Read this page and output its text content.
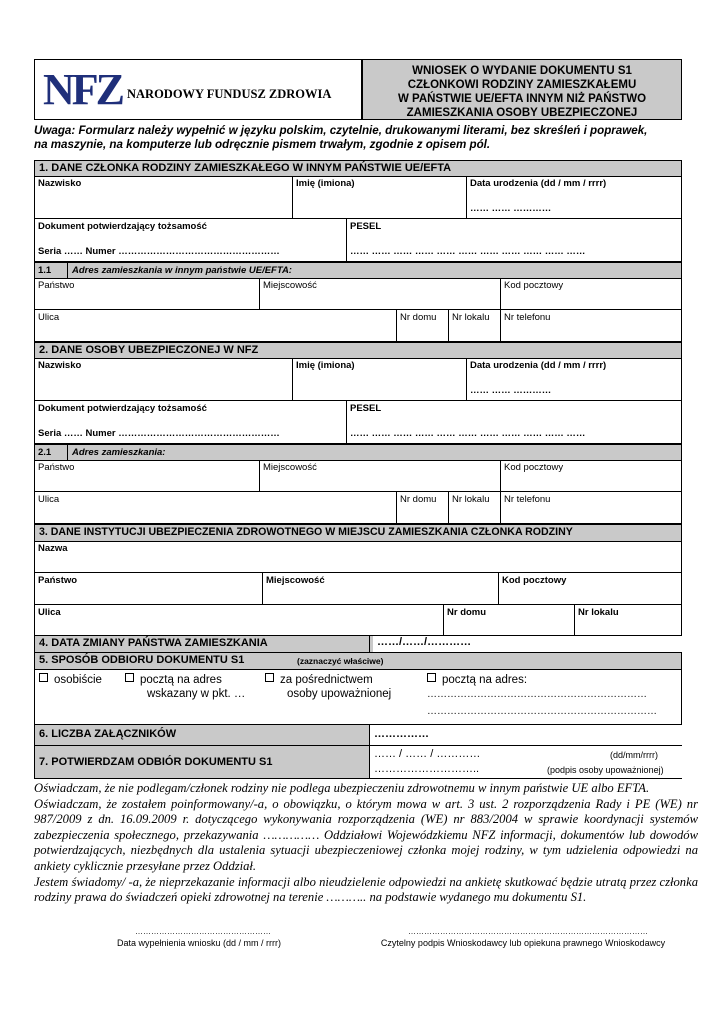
NFZ NARODOWY FUNDUSZ ZDROWIA
WNIOSEK O WYDANIE DOKUMENTU S1
CZŁONKOWI RODZINY ZAMIESZKAŁEMU
W PAŃSTWIE UE/EFTA INNYM NIŻ PAŃSTWO
ZAMIESZKANIA OSOBY UBEZPIECZONEJ
Uwaga: Formularz należy wypełnić w języku polskim, czytelnie, drukowanymi literami, bez skreśleń i poprawek,
na maszynie, na komputerze lub odręcznie pismem trwałym, zgodnie z opisem pól.
1. DANE CZŁONKA RODZINY ZAMIESZKAŁEGO W INNYM PAŃSTWIE UE/EFTA
Nazwisko	Imię (imiona)	Data urodzenia (dd / mm / rrrr)
…… …… …………
Dokument potwierdzający tożsamość
Seria …… Numer ……………………………………………
PESEL
…… …… …… …… …… …… …… …… …… …… ……
1.1 Adres zamieszkania w innym państwie UE/EFTA:
Państwo	Miejscowość	Kod pocztowy
Ulica	Nr domu	Nr lokalu	Nr telefonu
2. DANE OSOBY UBEZPIECZONEJ W NFZ
Nazwisko	Imię (imiona)	Data urodzenia (dd / mm / rrrr)
…… …… …………
Dokument potwierdzający tożsamość
Seria …… Numer ……………………………………………
PESEL
…… …… …… …… …… …… …… …… …… …… ……
2.1 Adres zamieszkania:
Państwo	Miejscowość	Kod pocztowy
Ulica	Nr domu	Nr lokalu	Nr telefonu
3. DANE INSTYTUCJI UBEZPIECZENIA ZDROWOTNEGO W MIEJSCU ZAMIESZKANIA CZŁONKA RODZINY
Nazwa
Państwo	Miejscowość	Kod pocztowy
Ulica	Nr domu	Nr lokalu
4. DATA ZMIANY PAŃSTWA ZAMIESZKANIA	……/……/…………
5. SPOSÓB ODBIORU DOKUMENTU S1	(zaznaczyć właściwe)
osobiście	pocztą na adres
wskazany w pkt. …
za pośrednictwem
osoby upoważnionej
pocztą na adres:
…………………………………………………………
……………………………………………………………
6. LICZBA ZAŁĄCZNIKÓW	……………
7. POTWIERDZAM ODBIÓR DOKUMENTU S1
…… / …… / …………	(dd/mm/rrrr)
………………………..	(podpis osoby upoważnionej)
Oświadczam, że nie podlegam/członek rodziny nie podlega ubezpieczeniu zdrowotnemu w innym państwie UE albo EFTA.
Oświadczam, że zostałem poinformowany/-a, o obowiązku, o którym mowa w art. 3 ust. 2 rozporządzenia Rady i PE (WE) nr 987/2009 z dn. 16.09.2009 r. dotyczącego wykonywania rozporządzenia (WE) nr 883/2004 w sprawie koordynacji systemów zabezpieczenia społecznego, przekazywania …………… Oddziałowi Wojewódzkiemu NFZ informacji, dokumentów lub dowodów potwierdzających, niezbędnych dla ustalenia sytuacji ubezpieczeniowej członka mojej rodziny, w tym udzielenia odpowiedzi na ankiety cyklicznie przesyłane przez Oddział.
Jestem świadomy/ -a, że nieprzekazanie informacji albo nieudzielenie odpowiedzi na ankietę skutkować będzie utratą przez członka rodziny prawa do świadczeń opieki zdrowotnej na terenie ……….. na podstawie wydanego mu dokumentu S1.
……………………………………………
Data wypełnienia wniosku (dd / mm / rrrr)
………………………………………………………………………………
Czytelny podpis Wnioskodawcy lub opiekuna prawnego Wnioskodawcy
